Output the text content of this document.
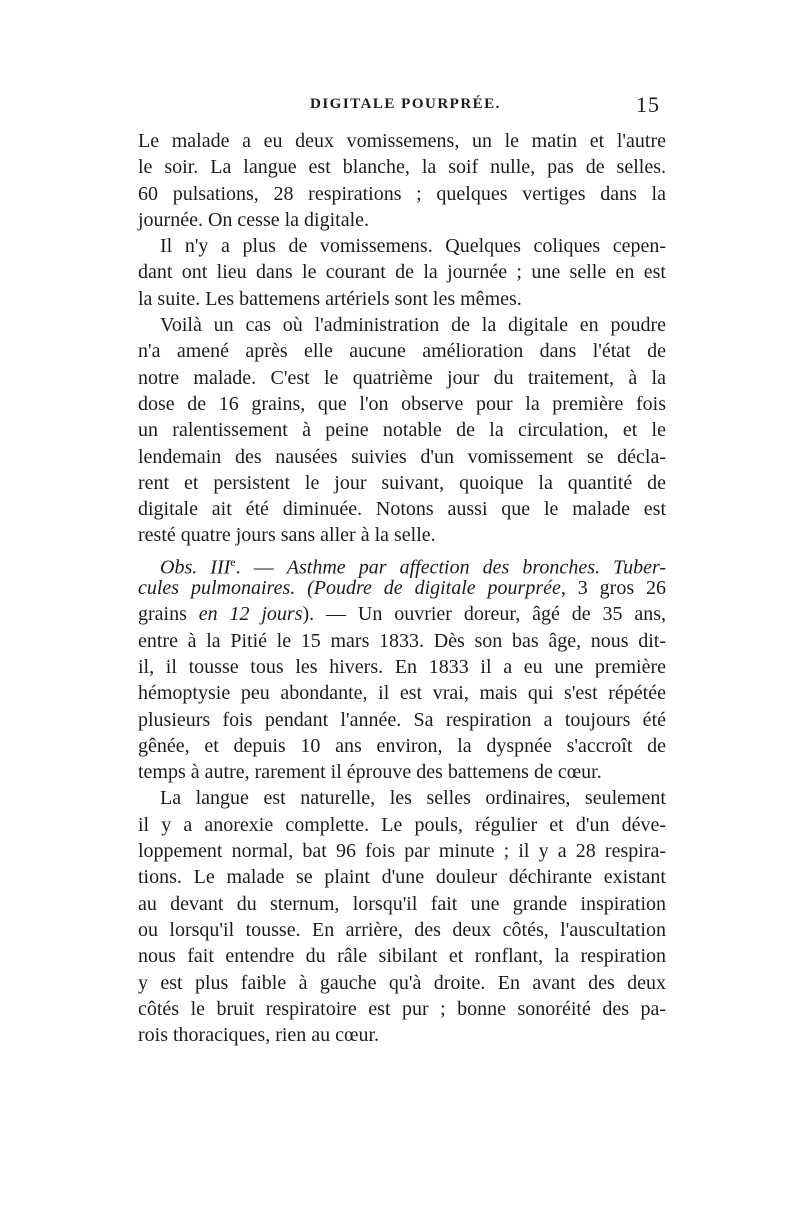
DIGITALE POURPRÉE.	15
Le malade a eu deux vomissemens, un le matin et l'autre
le soir. La langue est blanche, la soif nulle, pas de selles.
60 pulsations, 28 respirations ; quelques vertiges dans la
journée. On cesse la digitale.
Il n'y a plus de vomissemens. Quelques coliques cepen-
dant ont lieu dans le courant de la journée ; une selle en est
la suite. Les battemens artériels sont les mêmes.
Voilà un cas où l'administration de la digitale en poudre
n'a amené après elle aucune amélioration dans l'état de
notre malade. C'est le quatrième jour du traitement, à la
dose de 16 grains, que l'on observe pour la première fois
un ralentissement à peine notable de la circulation, et le
lendemain des nausées suivies d'un vomissement se décla-
rent et persistent le jour suivant, quoique la quantité de
digitale ait été diminuée. Notons aussi que le malade est
resté quatre jours sans aller à la selle.
Obs. IIIe. — Asthme par affection des bronches. Tuber-
cules pulmonaires. (Poudre de digitale pourprée, 3 gros 26
grains en 12 jours). — Un ouvrier doreur, âgé de 35 ans,
entre à la Pitié le 15 mars 1833. Dès son bas âge, nous dit-
il, il tousse tous les hivers. En 1833 il a eu une première
hémoptysie peu abondante, il est vrai, mais qui s'est répétée
plusieurs fois pendant l'année. Sa respiration a toujours été
gênée, et depuis 10 ans environ, la dyspnée s'accroît de
temps à autre, rarement il éprouve des battemens de cœur.
La langue est naturelle, les selles ordinaires, seulement
il y a anorexie complette. Le pouls, régulier et d'un déve-
loppement normal, bat 96 fois par minute ; il y a 28 respira-
tions. Le malade se plaint d'une douleur déchirante existant
au devant du sternum, lorsqu'il fait une grande inspiration
ou lorsqu'il tousse. En arrière, des deux côtés, l'auscultation
nous fait entendre du râle sibilant et ronflant, la respiration
y est plus faible à gauche qu'à droite. En avant des deux
côtés le bruit respiratoire est pur ; bonne sonoréité des pa-
rois thoraciques, rien au cœur.
